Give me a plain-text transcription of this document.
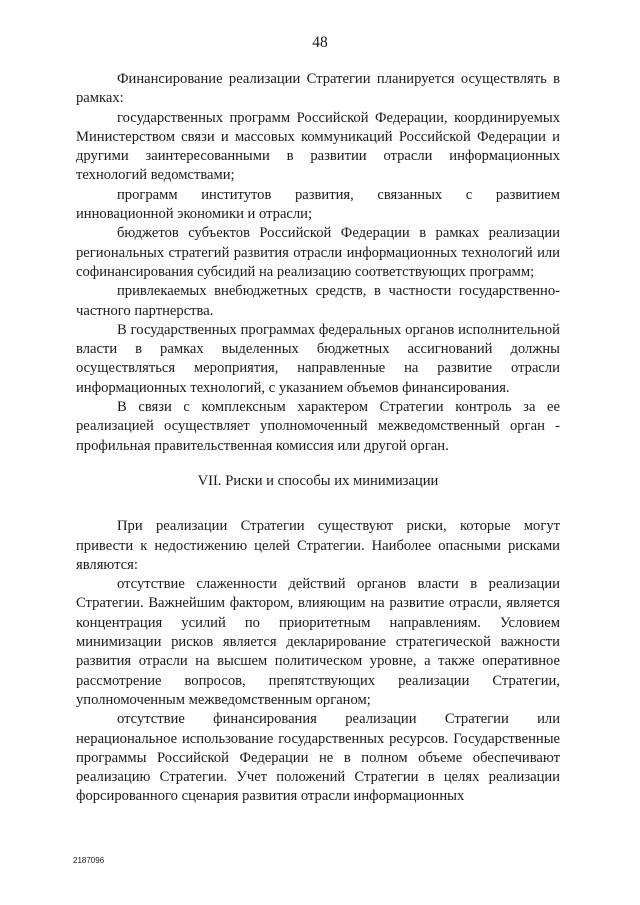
48

Финансирование реализации Стратегии планируется осуществлять в рамках:

государственных программ Российской Федерации, координируемых Министерством связи и массовых коммуникаций Российской Федерации и другими заинтересованными в развитии отрасли информационных технологий ведомствами;

программ институтов развития, связанных с развитием инновационной экономики и отрасли;

бюджетов субъектов Российской Федерации в рамках реализации региональных стратегий развития отрасли информационных технологий или софинансирования субсидий на реализацию соответствующих программ;

привлекаемых внебюджетных средств, в частности государственно-частного партнерства.

В государственных программах федеральных органов исполнительной власти в рамках выделенных бюджетных ассигнований должны осуществляться мероприятия, направленные на развитие отрасли информационных технологий, с указанием объемов финансирования.

В связи с комплексным характером Стратегии контроль за ее реализацией осуществляет уполномоченный межведомственный орган - профильная правительственная комиссия или другой орган.

VII. Риски и способы их минимизации

При реализации Стратегии существуют риски, которые могут привести к недостижению целей Стратегии. Наиболее опасными рисками являются:

отсутствие слаженности действий органов власти в реализации Стратегии. Важнейшим фактором, влияющим на развитие отрасли, является концентрация усилий по приоритетным направлениям. Условием минимизации рисков является декларирование стратегической важности развития отрасли на высшем политическом уровне, а также оперативное рассмотрение вопросов, препятствующих реализации Стратегии, уполномоченным межведомственным органом;

отсутствие финансирования реализации Стратегии или нерациональное использование государственных ресурсов. Государственные программы Российской Федерации не в полном объеме обеспечивают реализацию Стратегии. Учет положений Стратегии в целях реализации форсированного сценария развития отрасли информационных

2187096
